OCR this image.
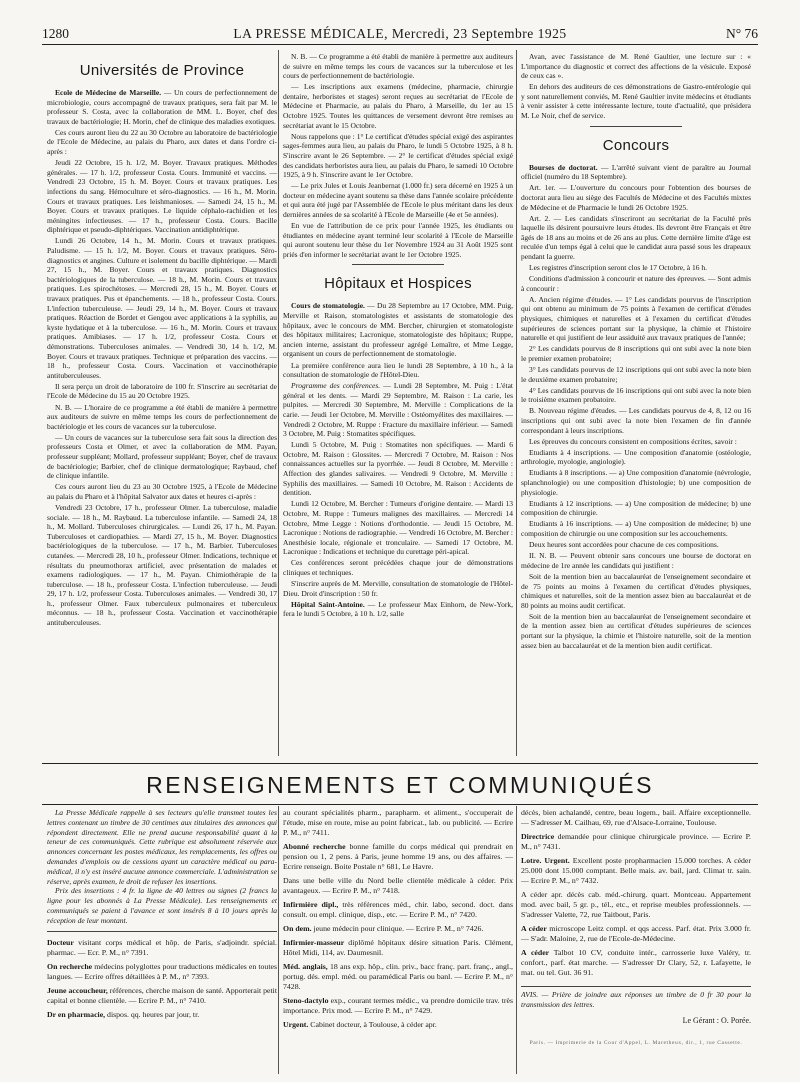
1280	LA PRESSE MÉDICALE, Mercredi, 23 Septembre 1925	N° 76
Universités de Province

Ecole de Médecine de Marseille. — Un cours de perfectionnement de microbiologie, cours accompagné de travaux pratiques, sera fait par M. le professeur S. Costa, avec la collaboration de MM. L. Boyer, chef des travaux de bactériologie; H. Morin, chef de clinique des maladies exotiques.

Ces cours auront lieu du 22 au 30 Octobre au laboratoire de bactériologie de l'Ecole de Médecine, au palais du Pharo, aux dates et dans l'ordre ci-après :

Jeudi 22 Octobre, 15 h. 1/2, M. Boyer. Travaux pratiques. Méthodes générales. — 17 h. 1/2, professeur Costa. Cours. Immunité et vaccins. — Vendredi 23 Octobre, 15 h. M. Boyer. Cours et travaux pratiques. Les infections du sang. Hémoculture et séro-diagnostics. — 16 h., M. Morin. Cours et travaux pratiques. Les leishmanioses. — Samedi 24, 15 h., M. Boyer. Cours et travaux pratiques. Le liquide céphalo-rachidien et les méningites infectieuses. — 17 h., professeur Costa. Cours. Bacille diphtérique et pseudo-diphtériques. Vaccination antidiphtérique.

Lundi 26 Octobre, 14 h., M. Morin. Cours et travaux pratiques. Paludisme. — 15 h. 1/2, M. Boyer. Cours et travaux pratiques. Séro-diagnostics et angines. Culture et isolement du bacille diphtérique. — Mardi 27, 15 h., M. Boyer. Cours et travaux pratiques. Diagnostics bactériologiques de la tuberculose. — 18 h., M. Morin. Cours et travaux pratiques. Les spirochétoses. — Mercredi 28, 15 h., M. Boyer. Cours et travaux pratiques. Pus et épanchements. — 18 h., professeur Costa. Cours. L'infection tuberculeuse. — Jeudi 29, 14 h., M. Boyer. Cours et travaux pratiques. Réaction de Bordet et Gengou avec applications à la syphilis, au kyste hydatique et à la tuberculose. — 16 h., M. Morin. Cours et travaux pratiques. Amibiases. — 17 h. 1/2, professeur Costa. Cours et démonstrations. Tuberculoses animales. — Vendredi 30, 14 h. 1/2, M. Boyer. Cours et travaux pratiques. Technique et préparation des vaccins. — 18 h., professeur Costa. Cours. Vaccination et vaccinothérapie antituberculeuses.

Il sera perçu un droit de laboratoire de 100 fr. S'inscrire au secrétariat de l'Ecole de Médecine du 15 au 20 Octobre 1925.

N. B. — L'horaire de ce programme a été établi de manière à permettre aux auditeurs de suivre en même temps les cours de perfectionnement de bactériologie et les cours de vacances sur la tuberculose.

— Un cours de vacances sur la tuberculose sera fait sous la direction des professeurs Costa et Olmer, et avec la collaboration de MM. Payan, professeur suppléant; Mollard, professeur suppléant; Boyer, chef de travaux de bactériologie; Barbier, chef de clinique dermatologique; Raybaud, chef de clinique infantile.

Ces cours auront lieu du 23 au 30 Octobre 1925, à l'Ecole de Médecine au palais du Pharo et à l'hôpital Salvator aux dates et heures ci-après :

Vendredi 23 Octobre, 17 h., professeur Olmer. La tuberculose, maladie sociale. — 18 h., M. Raybaud. La tuberculose infantile. — Samedi 24, 18 h., M. Mollard. Tuberculoses chirurgicales. — Lundi 26, 17 h., M. Payan. Tuberculoses et cardiopathies. — Mardi 27, 15 h., M. Boyer. Diagnostics bactériologiques de la tuberculose. — 17 h., M. Barbier. Tuberculoses cutanées. — Mercredi 28, 10 h., professeur Olmer. Indications, technique et résultats du pneumothorax artificiel, avec présentation de malades et examens radiologiques. — 17 h., M. Payan. Chimiothérapie de la tuberculose. — 18 h., professeur Costa. L'infection tuberculeuse. — Jeudi 29, 17 h. 1/2, professeur Costa. Tuberculoses animales. — Vendredi 30, 17 h., professeur Olmer. Faux tuberculeux pulmonaires et tuberculeux méconnus. — 18 h., professeur Costa. Vaccination et vaccinothérapie antituberculeuses.

N. B. — Ce programme a été établi de manière à permettre aux auditeurs de suivre en même temps les cours de vacances sur la tuberculose et les cours de perfectionnement de bactériologie.

— Les inscriptions aux examens (médecine, pharmacie, chirurgie dentaire, herboristes et stages) seront reçues au secrétariat de l'Ecole de Médecine et Pharmacie, au palais du Pharo, à Marseille, du 1er au 15 Octobre 1925. Toutes les quittances de versement devront être remises au secrétariat avant le 15 Octobre.

Nous rappelons que : 1° Le certificat d'études spécial exigé des aspirantes sages-femmes aura lieu, au palais du Pharo, le lundi 5 Octobre 1925, à 8 h. S'inscrire avant le 26 Septembre. — 2° le certificat d'études spécial exigé des candidats herboristes aura lieu, au palais du Pharo, le samedi 10 Octobre 1925, à 9 h. S'inscrire avant le 1er Octobre.

— Le prix Jules et Louis Jeanbernat (1.000 fr.) sera décerné en 1925 à un docteur en médecine ayant soutenu sa thèse dans l'année scolaire précédente et qui aura été jugé par l'Assemblée de l'Ecole le plus méritant dans les deux dernières années de sa scolarité à l'Ecole de Marseille (4e et 5e années).

En vue de l'attribution de ce prix pour l'année 1925, les étudiants ou étudiantes en médecine ayant terminé leur scolarité à l'Ecole de Marseille qui auront soutenu leur thèse du 1er Novembre 1924 au 31 Août 1925 sont priés d'en informer le secrétariat avant le 1er Octobre 1925.

Hôpitaux et Hospices

Cours de stomatologie. — Du 28 Septembre au 17 Octobre, MM. Puig, Merville et Raison, stomatologistes et assistants de stomatologie des hôpitaux, avec le concours de MM. Bercher, chirurgien et stomatologiste des hôpitaux militaires; Lacronique, stomatologiste des hôpitaux; Ruppe, ancien interne, assistant du professeur agrégé Lemaître, et Mme Legge, organisent un cours de perfectionnement de stomatologie.

La première conférence aura lieu le lundi 28 Septembre, à 10 h., à la consultation de stomatologie de l'Hôtel-Dieu.

Programme des conférences. — Lundi 28 Septembre, M. Puig : L'état général et les dents. — Mardi 29 Septembre, M. Raison : La carie, les pulpites. — Mercredi 30 Septembre, M. Merville : Complications de la carie. — Jeudi 1er Octobre, M. Merville : Ostéomyélites des maxillaires. — Vendredi 2 Octobre, M. Ruppe : Fracture du maxillaire inférieur. — Samedi 3 Octobre, M. Puig : Stomatites spécifiques.

Lundi 5 Octobre, M. Puig : Stomatites non spécifiques. — Mardi 6 Octobre, M. Raison : Glossites. — Mercredi 7 Octobre, M. Raison : Nos connaissances actuelles sur la pyorrhée. — Jeudi 8 Octobre, M. Merville : Affection des glandes salivaires. — Vendredi 9 Octobre, M. Merville : Syphilis des maxillaires. — Samedi 10 Octobre, M. Raison : Accidents de dentition.

Lundi 12 Octobre, M. Bercher : Tumeurs d'origine dentaire. — Mardi 13 Octobre, M. Ruppe : Tumeurs malignes des maxillaires. — Mercredi 14 Octobre, Mme Legge : Notions d'orthodontie. — Jeudi 15 Octobre, M. Lacronique : Notions de radiographie. — Vendredi 16 Octobre, M. Bercher : Anesthésie locale, régionale et tronculaire. — Samedi 17 Octobre, M. Lacronique : Indications et technique du curettage péri-apical.

Ces conférences seront précédées chaque jour de démonstrations cliniques et techniques.

S'inscrire auprès de M. Merville, consultation de stomatologie de l'Hôtel-Dieu. Droit d'inscription : 50 fr.

Hôpital Saint-Antoine. — Le professeur Max Einhorn, de New-York, fera le lundi 5 Octobre, à 10 h. 1/2, salle

Avan, avec l'assistance de M. René Gaultier, une lecture sur : « L'importance du diagnostic et correct des affections de la vésicule. Exposé de ceux cas ».

En dehors des auditeurs de ces démonstrations de Gastro-entérologie qui y sont naturellement conviés, M. René Gaultier invite médecins et étudiants à venir assister à cette intéressante lecture, toute d'actualité, que présidera M. Le Noir, chef de service.

Concours

Bourses de doctorat. — L'arrêté suivant vient de paraître au Journal officiel (numéro du 18 Septembre).

Art. 1er. — L'ouverture du concours pour l'obtention des bourses de doctorat aura lieu au siège des Facultés de Médecine et des Facultés mixtes de Médecine et de Pharmacie le lundi 26 Octobre 1925.

Art. 2. — Les candidats s'inscriront au secrétariat de la Faculté près laquelle ils désirent poursuivre leurs études. Ils devront être Français et être âgés de 18 ans au moins et de 26 ans au plus. Cette dernière limite d'âge est reculée d'un temps égal à celui que le candidat aura passé sous les drapeaux pendant la guerre.

Les registres d'inscription seront clos le 17 Octobre, à 16 h.

Conditions d'admission à concourir et nature des épreuves. — Sont admis à concourir :

A. Ancien régime d'études. — 1° Les candidats pourvus de l'inscription qui ont obtenu au minimum de 75 points à l'examen de certificat d'études physiques, chimiques et naturelles et à l'examen du certificat d'études supérieures de sciences portant sur la physique, la chimie et l'histoire naturelle et qui justifient de leur assiduité aux travaux pratiques de l'année;

2° Les candidats pourvus de 8 inscriptions qui ont subi avec la note bien le premier examen probatoire;

3° Les candidats pourvus de 12 inscriptions qui ont subi avec la note bien le deuxième examen probatoire;

4° Les candidats pourvus de 16 inscriptions qui ont subi avec la note bien le troisième examen probatoire.

B. Nouveau régime d'études. — Les candidats pourvus de 4, 8, 12 ou 16 inscriptions qui ont subi avec la note bien l'examen de fin d'année correspondant à leurs inscriptions.

Les épreuves du concours consistent en compositions écrites, savoir :

Etudiants à 4 inscriptions. — Une composition d'anatomie (ostéologie, arthrologie, myologie, angiologie).

Etudiants à 8 inscriptions. — a) Une composition d'anatomie (névrologie, splanchnologie) ou une composition d'histologie; b) une composition de physiologie.

Etudiants à 12 inscriptions. — a) Une composition de médecine; b) une composition de chirurgie.

Etudiants à 16 inscriptions. — a) Une composition de médecine; b) une composition de chirurgie ou une composition sur les accouchements.

Deux heures sont accordées pour chacune de ces compositions.

II. N. B. — Peuvent obtenir sans concours une bourse de doctorat en médecine de 1re année les candidats qui justifient :

Soit de la mention bien au baccalauréat de l'enseignement secondaire et de 75 points au moins à l'examen du certificat d'études physiques, chimiques et naturelles, soit de la mention assez bien au baccalauréat et de 80 points au moins audit certificat.

Soit de la mention bien au baccalauréat de l'enseignement secondaire et de la mention assez bien au certificat d'études supérieures de sciences portant sur la physique, la chimie et l'histoire naturelle, soit de la mention assez bien au baccalauréat et de la mention bien audit certificat.

RENSEIGNEMENTS ET COMMUNIQUÉS

La Presse Médicale rappelle à ses lecteurs qu'elle transmet toutes les lettres contenant un timbre de 30 centimes aux titulaires des annonces qui répondent directement. Elle ne prend aucune responsabilité quant à la teneur de ces communiqués. Cette rubrique est absolument réservée aux annonces concernant les postes médicaux, les remplacements, les offres ou demandes d'emplois ou de cessions ayant un caractère médical ou para-médical, il n'y est inséré aucune annonce commerciale. L'administration se réserve, après examen, le droit de refuser les insertions.

Prix des insertions : 4 fr. la ligne de 40 lettres ou signes (2 francs la ligne pour les abonnés à La Presse Médicale). Les renseignements et communiqués se paient à l'avance et sont insérés 8 à 10 jours après la réception de leur montant.

Docteur visitant corps médical et hôp. de Paris, s'adjoindr. spécial. pharmac. — Ecr. P. M., n° 7391.

On recherche médecins polyglottes pour traductions médicales en toutes langues. — Ecrire offres détaillées à P. M., n° 7393.

Jeune accoucheur, références, cherche maison de santé. Apporterait petit capital et bonne clientèle. — Ecrire P. M., n° 7410.

Dr en pharmacie, dispos. qq. heures par jour, tr.

au courant spécialités pharm., parapharm. et aliment., s'occuperait de l'étude, mise en route, mise au point fabricat., lab. ou publicité. — Ecrire P. M., n° 7411.

Abonné recherche bonne famille du corps médical qui prendrait en pension ou 1, 2 pens. à Paris, jeune homme 19 ans, ou des affaires. — Ecrire renseign. Boite Postale n° 681, Le Havre.

Dans une belle ville du Nord belle clientèle médicale à céder. Prix avantageux. — Ecrire P. M., n° 7418.

Infirmière dipl., très références méd., chir. labo, second. doct. dans consult. ou empl. clinique, disp., etc. — Ecrire P. M., n° 7420.

On dem. jeune médecin pour clinique. — Ecrire P. M., n° 7426.

Infirmier-masseur diplômé hôpitaux désire situation Paris. Clément, Hôtel Midi, 114, av. Daumesnil.

Méd. anglais, 18 ans exp. hôp., clin. priv., bacc franç. part. franç., angl., portug. dés. empl. méd. ou paramédical Paris ou banl. — Ecrire P. M., n° 7428.

Steno-dactylo exp., courant termes médic., va prendre domicile trav. très importance. Prix mod. — Ecrire P. M., n° 7429.

Urgent. Cabinet docteur, à Toulouse, à céder apr.

décès, bien achalandé, centre, beau logem., bail. Affaire exceptionnelle. — S'adresser M. Cailhau, 69, rue d'Alsace-Lorraine, Toulouse.

Directrice demandée pour clinique chirurgicale province. — Ecrire P. M., n° 7431.

Lotre. Urgent. Excellent poste propharmacien 15.000 torches. A céder 25.000 dont 15.000 comptant. Belle mais. av. bail, jard. Climat tr. sain. — Ecrire P. M., n° 7432.

A céder apr. décès cab. méd.-chirurg. quart. Montceau. Appartement mod. avec bail, 5 gr. p., tél., etc., et reprise meubles professionnels. — S'adresser Valette, 72, rue Taitbout, Paris.

A céder microscope Leitz compl. et qqs access. Parf. état. Prix 3.000 fr. — S'adr. Maloine, 2, rue de l'Ecole-de-Médecine.

A céder Talbot 10 CV, conduite intér., carrosserie luxe Valéry, tr. confort., parf. état marche. — S'adresser Dr Clary, 52, r. Lafayette, le mat. ou tel. Gut. 36 91.

AVIS. — Prière de joindre aux réponses un timbre de 0 fr 30 pour la transmission des lettres.
Le Gérant : O. Porée.
Paris. — Imprimerie de la Cour d'Appel, L. Maretheux, dir., 1, rue Cassette.
